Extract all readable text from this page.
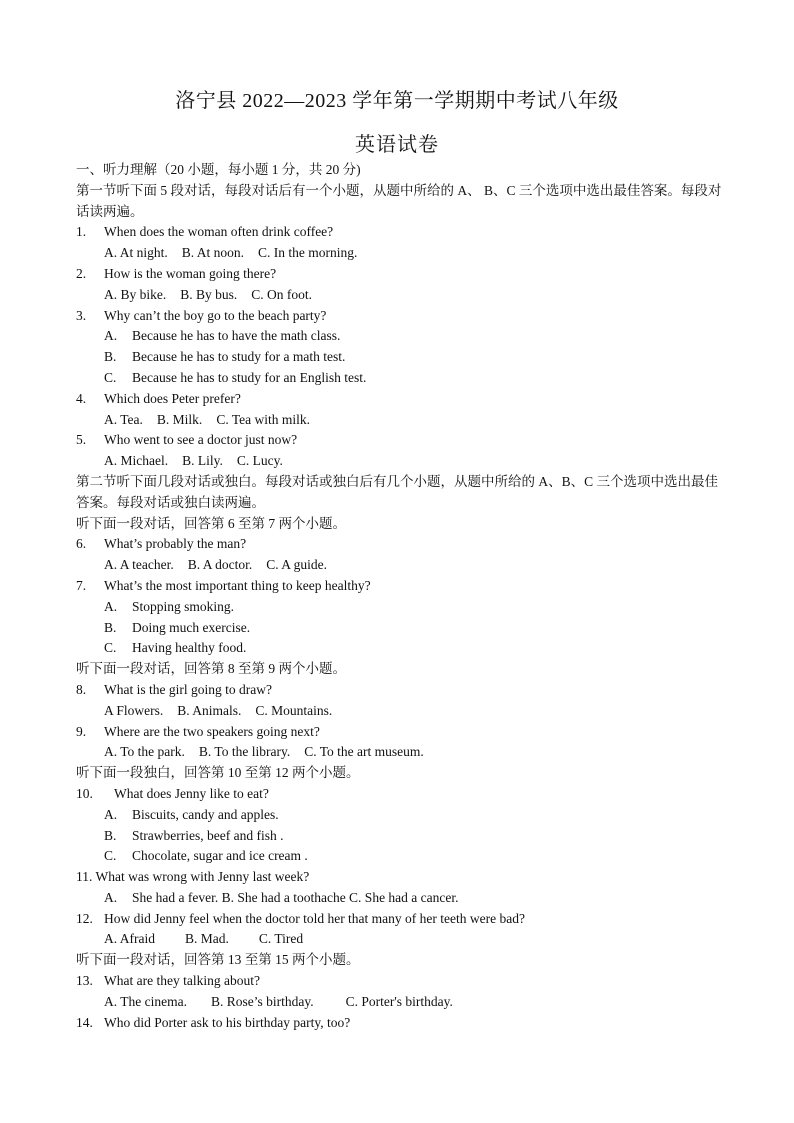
洛宁县 2022—2023 学年第一学期期中考试八年级
英语试卷
一、听力理解（20 小题，每小题 1 分，共 20 分)
第一节听下面 5 段对话，每段对话后有一个小题，从题中所给的 A、 B、C 三个选项中选出最佳答案。每段对话读两遍。
1. When does the woman often drink coffee?
A. At night. B. At noon. C. In the morning.
2. How is the woman going there?
A. By bike. B. By bus. C. On foot.
3. Why can’t the boy go to the beach party?
A. Because he has to have the math class.
B. Because he has to study for a math test.
C. Because he has to study for an English test.
4. Which does Peter prefer?
A. Tea. B. Milk. C. Tea with milk.
5. Who went to see a doctor just now?
A. Michael. B. Lily. C. Lucy.
第二节听下面几段对话或独白。每段对话或独白后有几个小题，从题中所给的 A、B、C 三个选项中选出最佳答案。每段对话或独白读两遍。
听下面一段对话，回答第 6 至第 7 两个小题。
6. What’s probably the man?
A. A teacher. B. A doctor. C. A guide.
7. What’s the most important thing to keep healthy?
A. Stopping smoking.
B. Doing much exercise.
C. Having healthy food.
听下面一段对话，回答第 8 至第 9 两个小题。
8. What is the girl going to draw?
A Flowers. B. Animals. C. Mountains.
9. Where are the two speakers going next?
A. To the park. B. To the library. C. To the art museum.
听下面一段独白，回答第 10 至第 12 两个小题。
10. What does Jenny like to eat?
A. Biscuits, candy and apples.
B. Strawberries, beef and fish .
C. Chocolate, sugar and ice cream .
11. What was wrong with Jenny last week?
A. She had a fever. B. She had a toothache C. She had a cancer.
12. How did Jenny feel when the doctor told her that many of her teeth were bad?
A. Afraid B. Mad. C. Tired
听下面一段对话，回答第 13 至第 15 两个小题。
13. What are they talking about?
A. The cinema. B. Rose’s birthday. C. Porter's birthday.
14. Who did Porter ask to his birthday party, too?
